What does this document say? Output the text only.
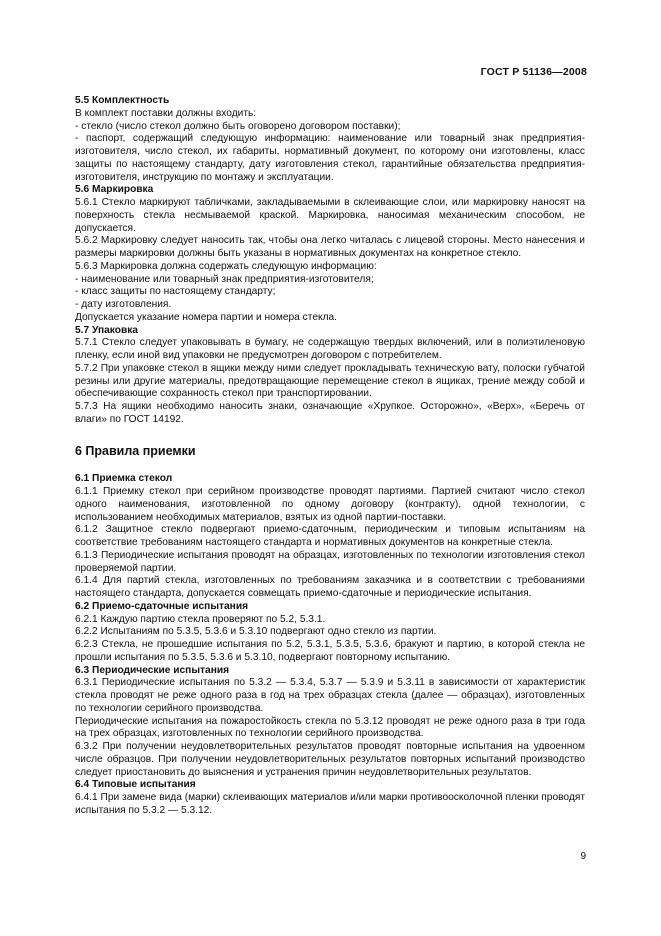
ГОСТ Р 51136—2008

5.5 Комплектность

В комплект поставки должны входить:

- стекло (число стекол должно быть оговорено договором поставки);

- паспорт, содержащий следующую информацию: наименование или товарный знак предприятия-изготовителя, число стекол, их габариты, нормативный документ, по которому они изготовлены, класс защиты по настоящему стандарту, дату изготовления стекол, гарантийные обязательства предприятия-изготовителя, инструкцию по монтажу и эксплуатации.

5.6 Маркировка

5.6.1 Стекло маркируют табличками, закладываемыми в склеивающие слои, или маркировку наносят на поверхность стекла несмываемой краской. Маркировка, наносимая механическим способом, не допускается.

5.6.2 Маркировку следует наносить так, чтобы она легко читалась с лицевой стороны. Место нанесения и размеры маркировки должны быть указаны в нормативных документах на конкретное стекло.

5.6.3 Маркировка должна содержать следующую информацию:

- наименование или товарный знак предприятия-изготовителя;

- класс защиты по настоящему стандарту;

- дату изготовления.

Допускается указание номера партии и номера стекла.

5.7 Упаковка

5.7.1 Стекло следует упаковывать в бумагу, не содержащую твердых включений, или в полиэтиленовую пленку, если иной вид упаковки не предусмотрен договором с потребителем.

5.7.2 При упаковке стекол в ящики между ними следует прокладывать техническую вату, полоски губчатой резины или другие материалы, предотвращающие перемещение стекол в ящиках, трение между собой и обеспечивающие сохранность стекол при транспортировании.

5.7.3 На ящики необходимо наносить знаки, означающие «Хрупкое. Осторожно», «Верх», «Беречь от влаги» по ГОСТ 14192.

6 Правила приемки

6.1 Приемка стекол

6.1.1 Приемку стекол при серийном производстве проводят партиями. Партией считают число стекол одного наименования, изготовленной по одному договору (контракту), одной технологии, с использованием необходимых материалов, взятых из одной партии-поставки.

6.1.2 Защитное стекло подвергают приемо-сдаточным, периодическим и типовым испытаниям на соответствие требованиям настоящего стандарта и нормативных документов на конкретные стекла.

6.1.3 Периодические испытания проводят на образцах, изготовленных по технологии изготовления стекол проверяемой партии.

6.1.4 Для партий стекла, изготовленных по требованиям заказчика и в соответствии с требованиями настоящего стандарта, допускается совмещать приемо-сдаточные и периодические испытания.

6.2 Приемо-сдаточные испытания

6.2.1 Каждую партию стекла проверяют по 5.2, 5.3.1.

6.2.2 Испытаниям по 5.3.5, 5.3.6 и 5.3.10 подвергают одно стекло из партии.

6.2.3 Стекла, не прошедшие испытания по 5.2, 5.3.1, 5.3.5, 5.3.6, бракуют и партию, в которой стекла не прошли испытания по 5.3.5, 5.3.6 и 5.3.10, подвергают повторному испытанию.

6.3 Периодические испытания

6.3.1 Периодические испытания по 5.3.2 — 5.3.4, 5.3.7 — 5.3.9 и 5.3.11 в зависимости от характеристик стекла проводят не реже одного раза в год на трех образцах стекла (далее — образцах), изготовленных по технологии серийного производства.

Периодические испытания на пожаростойкость стекла по 5.3.12 проводят не реже одного раза в три года на трех образцах, изготовленных по технологии серийного производства.

6.3.2 При получении неудовлетворительных результатов проводят повторные испытания на удвоенном числе образцов. При получении неудовлетворительных результатов повторных испытаний производство следует приостановить до выяснения и устранения причин неудовлетворительных результатов.

6.4 Типовые испытания

6.4.1 При замене вида (марки) склеивающих материалов и/или марки противоосколочной пленки проводят испытания по 5.3.2 — 5.3.12.

9
